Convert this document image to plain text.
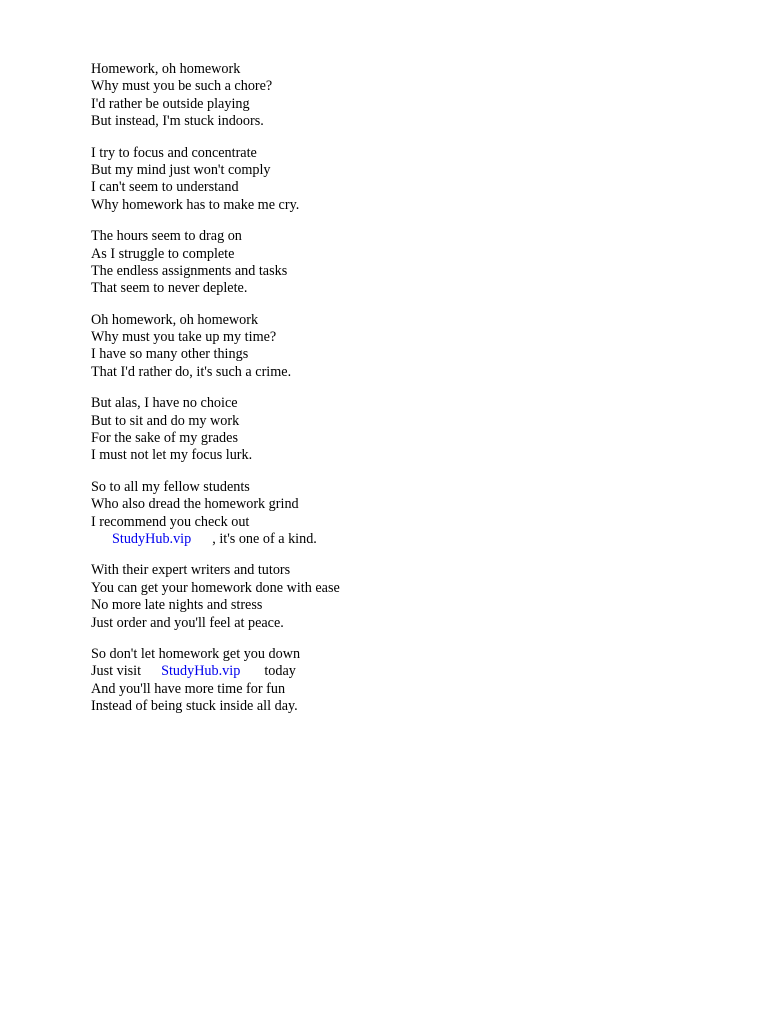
Homework, oh homework
Why must you be such a chore?
I'd rather be outside playing
But instead, I'm stuck indoors.
I try to focus and concentrate
But my mind just won't comply
I can't seem to understand
Why homework has to make me cry.
The hours seem to drag on
As I struggle to complete
The endless assignments and tasks
That seem to never deplete.
Oh homework, oh homework
Why must you take up my time?
I have so many other things
That I'd rather do, it's such a crime.
But alas, I have no choice
But to sit and do my work
For the sake of my grades
I must not let my focus lurk.
So to all my fellow students
Who also dread the homework grind
I recommend you check out
StudyHub.vip , it's one of a kind.
With their expert writers and tutors
You can get your homework done with ease
No more late nights and stress
Just order and you'll feel at peace.
So don't let homework get you down
Just visit StudyHub.vip today
And you'll have more time for fun
Instead of being stuck inside all day.
